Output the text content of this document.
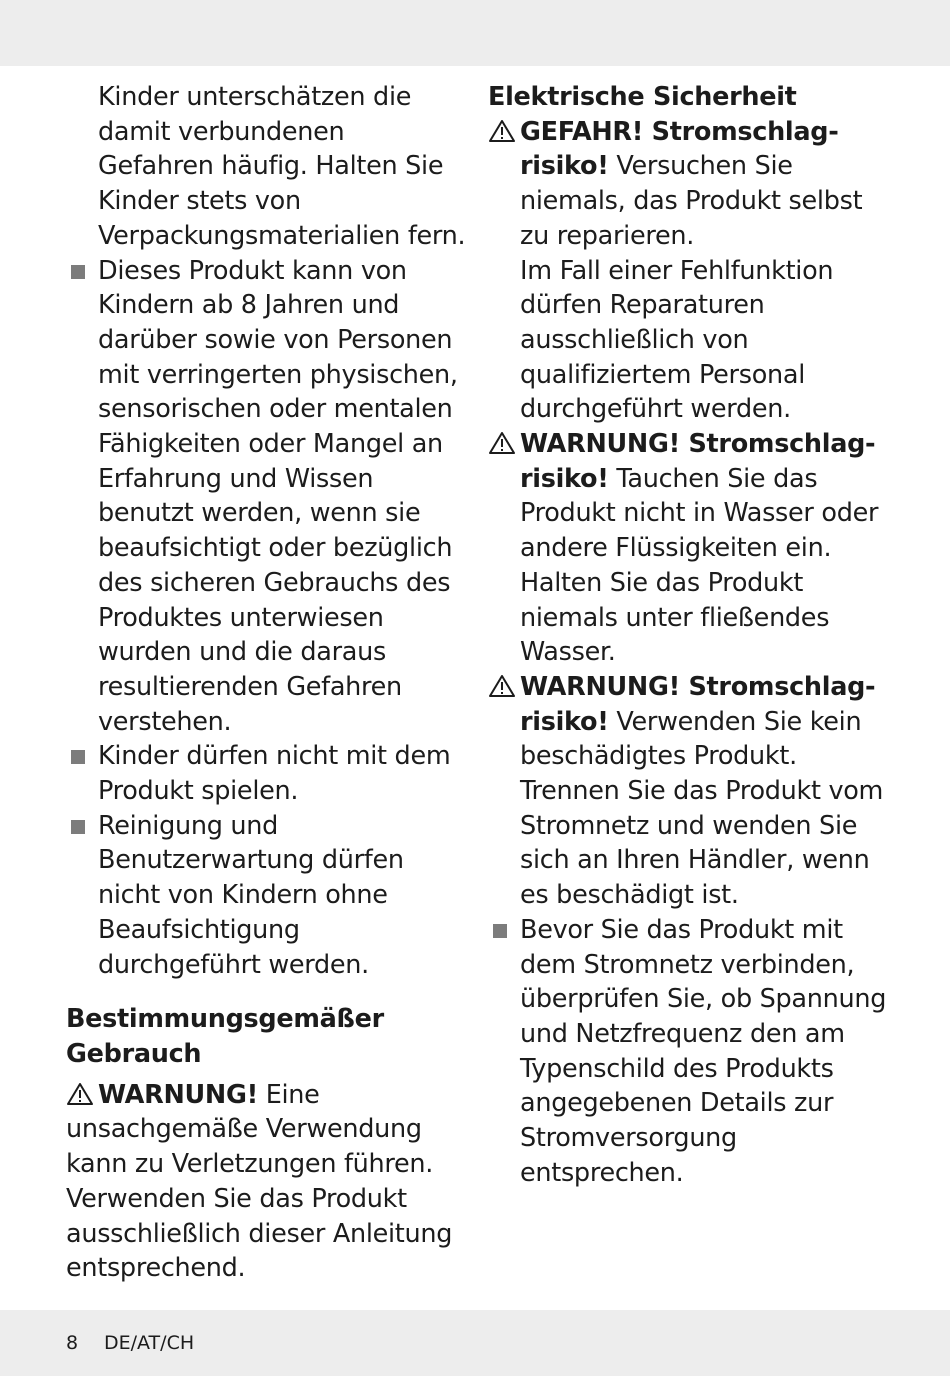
Kinder unterschätzen die damit verbundenen Gefahren häufig. Halten Sie Kinder stets von Verpackungsmaterialien fern.
Dieses Produkt kann von Kindern ab 8 Jahren und darüber sowie von Personen mit verringerten physischen, sensorischen oder mentalen Fähigkeiten oder Mangel an Erfahrung und Wissen benutzt werden, wenn sie beaufsichtigt oder bezüglich des sicheren Gebrauchs des Produktes unterwiesen wurden und die daraus resultierenden Gefahren verstehen.
Kinder dürfen nicht mit dem Produkt spielen.
Reinigung und Benutzerwartung dürfen nicht von Kindern ohne Beaufsichtigung durchgeführt werden.
Bestimmungsgemäßer Gebrauch
WARNUNG! Eine unsachgemäße Verwendung kann zu Verletzungen führen. Verwenden Sie das Produkt ausschließlich dieser Anleitung entsprechend.
Elektrische Sicherheit
GEFAHR! Stromschlag-
risiko! Versuchen Sie niemals, das Produkt selbst zu reparieren.
Im Fall einer Fehlfunktion dürfen Reparaturen ausschließlich von qualifiziertem Personal durchgeführt werden.
WARNUNG! Stromschlag-
risiko! Tauchen Sie das Produkt nicht in Wasser oder andere Flüssigkeiten ein. Halten Sie das Produkt niemals unter fließendes Wasser.
WARNUNG! Stromschlag-
risiko! Verwenden Sie kein beschädigtes Produkt. Trennen Sie das Produkt vom Stromnetz und wenden Sie sich an Ihren Händler, wenn es beschädigt ist.
Bevor Sie das Produkt mit dem Stromnetz verbinden, überprüfen Sie, ob Spannung und Netzfrequenz den am Typenschild des Produkts angegebenen Details zur Stromversorgung entsprechen.
8 DE/AT/CH
